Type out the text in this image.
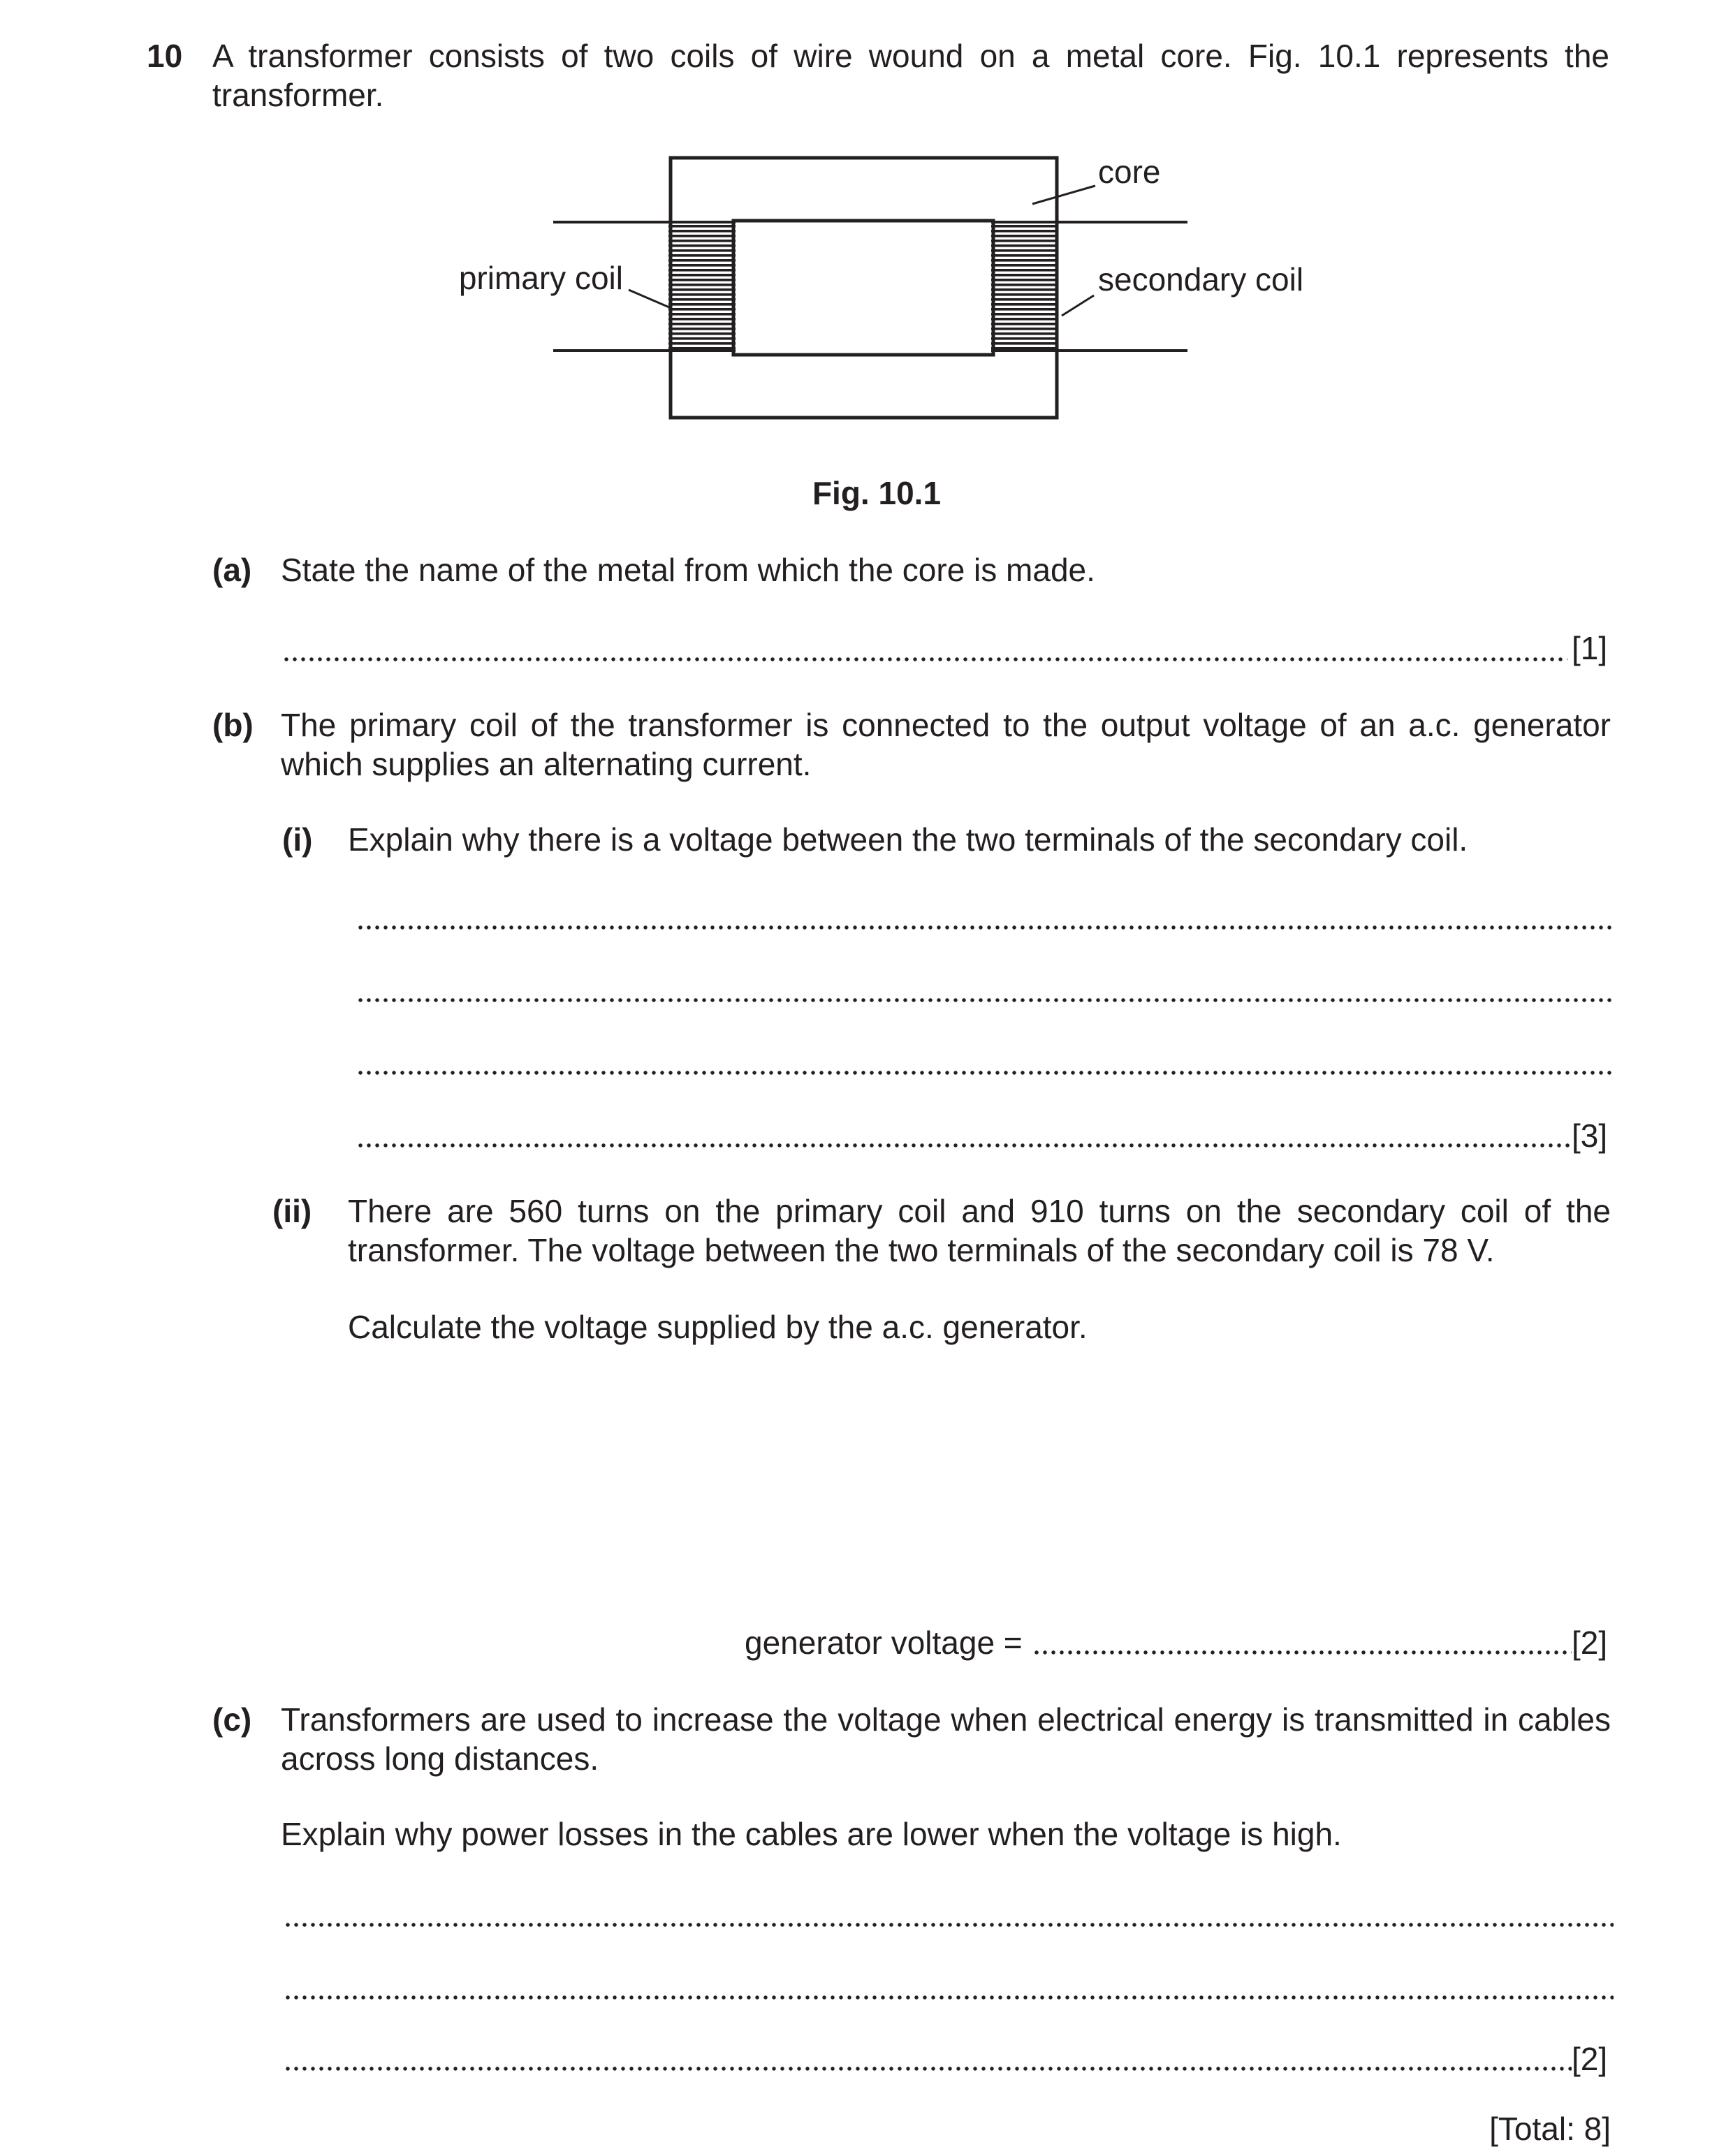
10 A transformer consists of two coils of wire wound on a metal core. Fig. 10.1 represents the transformer.
core
primary coil	secondary coil
Fig. 10.1
(a) State the name of the metal from which the core is made.
[1]
(b) The primary coil of the transformer is connected to the output voltage of an a.c. generator which supplies an alternating current.
(i) Explain why there is a voltage between the two terminals of the secondary coil.
[3]
(ii) There are 560 turns on the primary coil and 910 turns on the secondary coil of the transformer. The voltage between the two terminals of the secondary coil is 78 V.
Calculate the voltage supplied by the a.c. generator.
generator voltage =	[2]
(c) Transformers are used to increase the voltage when electrical energy is transmitted in cables across long distances.
Explain why power losses in the cables are lower when the voltage is high.
[2]
[Total: 8]
